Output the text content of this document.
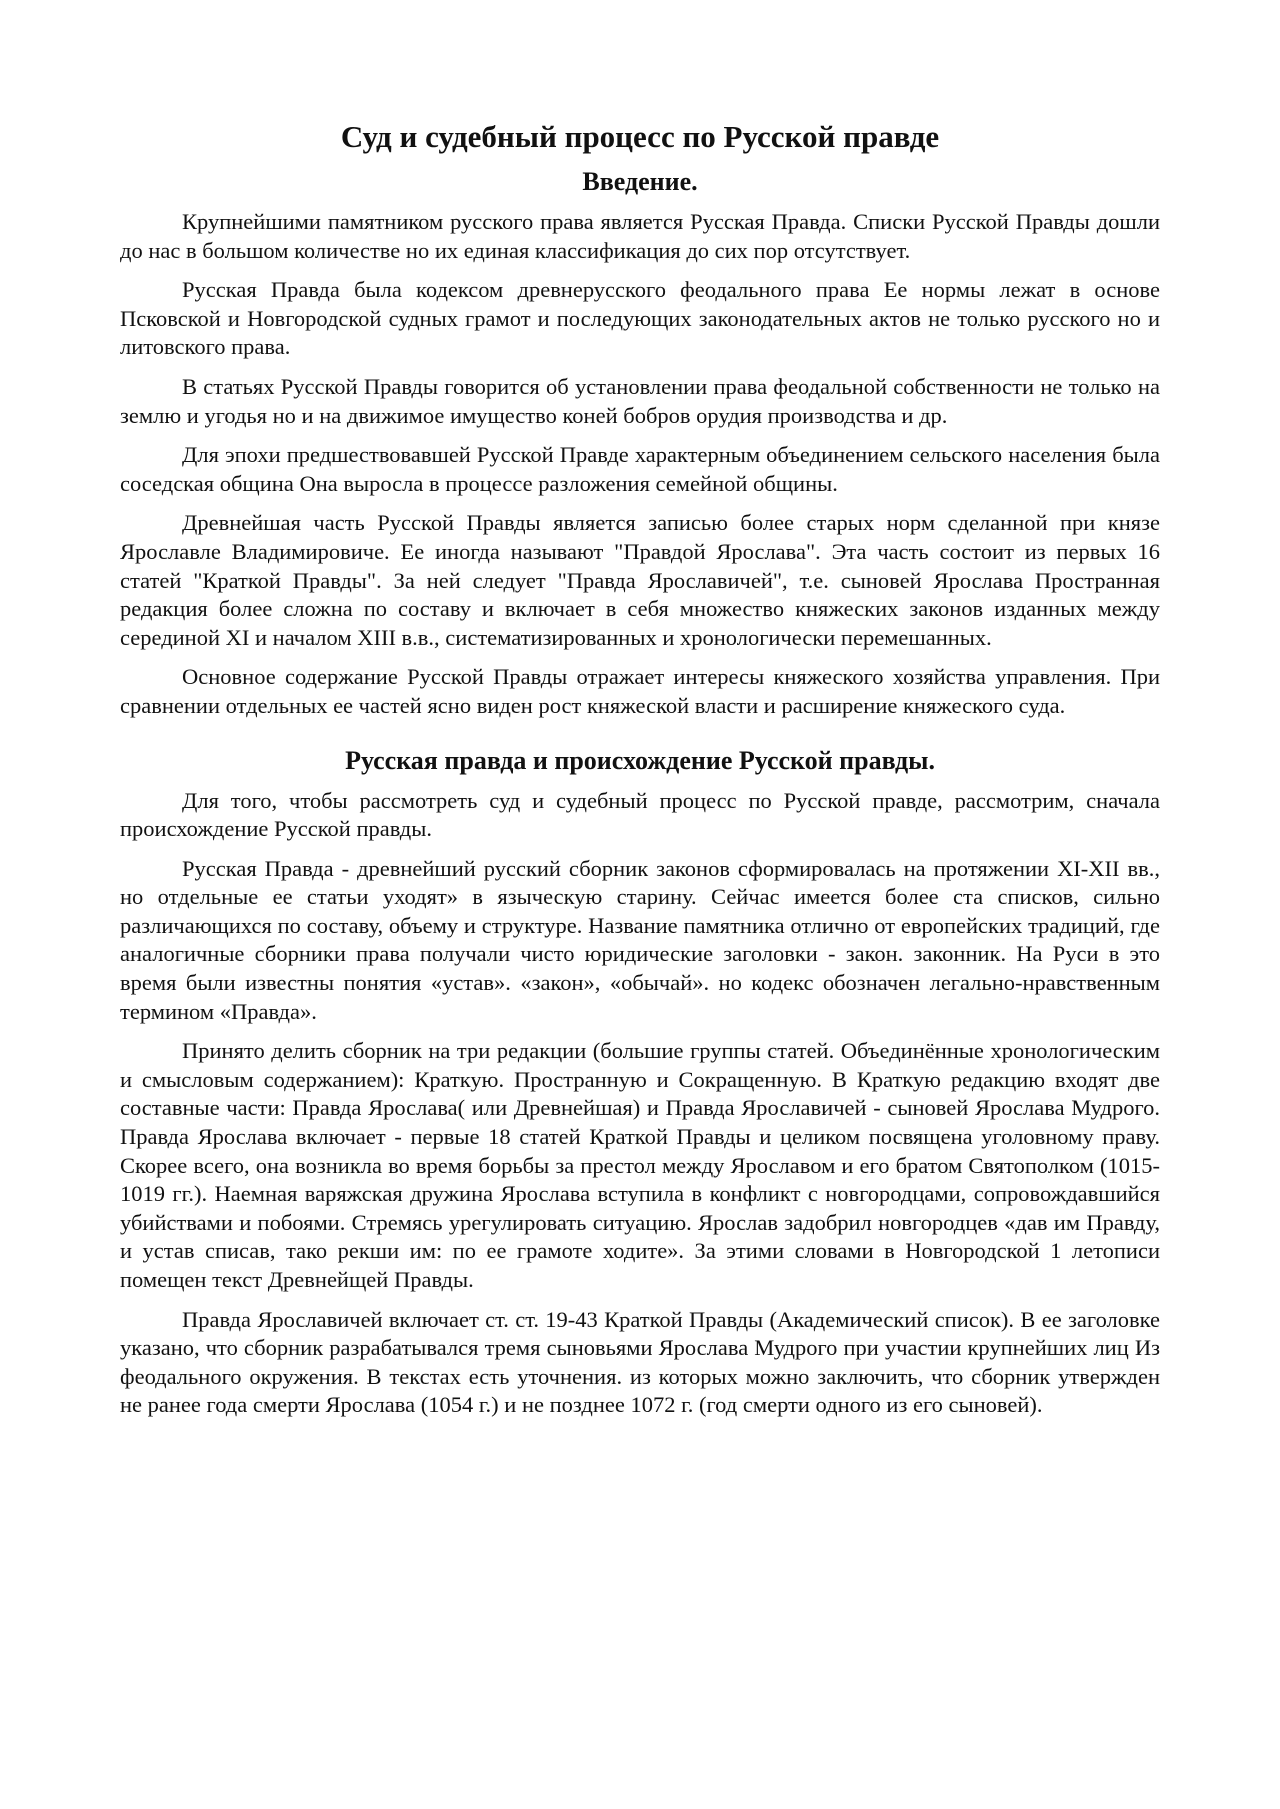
Суд и судебный процесс по Русской правде
Введение.

Крупнейшими памятником русского права является Русская Правда. Списки Русской Правды дошли до нас в большом количестве но их единая классификация до сих пор отсутствует.

Русская Правда была кодексом древнерусского феодального права Ее нормы лежат в основе Псковской и Новгородской судных грамот и последующих законодательных актов не только русского но и литовского права.

В статьях Русской Правды говорится об установлении права феодальной собственности не только на землю и угодья но и на движимое имущество коней бобров орудия производства и др.

Для эпохи предшествовавшей Русской Правде характерным объединением сельского населения была соседская община Она выросла в процессе разложения семейной общины.

Древнейшая часть Русской Правды является записью более старых норм сделанной при князе Ярославле Владимировиче. Ее иногда называют "Правдой Ярослава". Эта часть состоит из первых 16 статей "Краткой Правды". За ней следует "Правда Ярославичей", т.е. сыновей Ярослава Пространная редакция более сложна по составу и включает в себя множество княжеских законов изданных между серединой XI и началом XIII в.в., систематизированных и хронологически перемешанных.

Основное содержание Русской Правды отражает интересы княжеского хозяйства управления. При сравнении отдельных ее частей ясно виден рост княжеской власти и расширение княжеского суда.

Русская правда и происхождение Русской правды.

Для того, чтобы рассмотреть суд и судебный процесс по Русской правде, рассмотрим, сначала происхождение Русской правды.

Русская Правда - древнейший русский сборник законов сформировалась на протяжении XI-XII вв., но отдельные ее статьи уходят» в языческую старину. Сейчас имеется более ста списков, сильно различающихся по составу, объему и структуре. Название памятника отлично от европейских традиций, где аналогичные сборники права получали чисто юридические заголовки - закон. законник. На Руси в это время были известны понятия «устав». «закон», «обычай». но кодекс обозначен легально-нравственным термином «Правда».

Принято делить сборник на три редакции (большие группы статей. Объединённые хронологическим и смысловым содержанием): Краткую. Пространную и Сокращенную. В Краткую редакцию входят две составные части: Правда Ярослава( или Древнейшая) и Правда Ярославичей - сыновей Ярослава Мудрого. Правда Ярослава включает - первые 18 статей Краткой Правды и целиком посвящена уголовному праву. Скорее всего, она возникла во время борьбы за престол между Ярославом и его братом Святополком (1015-1019 гг.). Наемная варяжская дружина Ярослава вступила в конфликт с новгородцами, сопровождавшийся убийствами и побоями. Стремясь урегулировать ситуацию. Ярослав задобрил новгородцев «дав им Правду, и устав списав, тако рекши им: по ее грамоте ходите». За этими словами в Новгородской 1 летописи помещен текст Древнейщей Правды.

Правда Ярославичей включает ст. ст. 19-43 Краткой Правды (Академический список). В ее заголовке указано, что сборник разрабатывался тремя сыновьями Ярослава Мудрого при участии крупнейших лиц Из феодального окружения. В текстах есть уточнения. из которых можно заключить, что сборник утвержден не ранее года смерти Ярослава (1054 г.) и не позднее 1072 г. (год смерти одного из его сыновей).
